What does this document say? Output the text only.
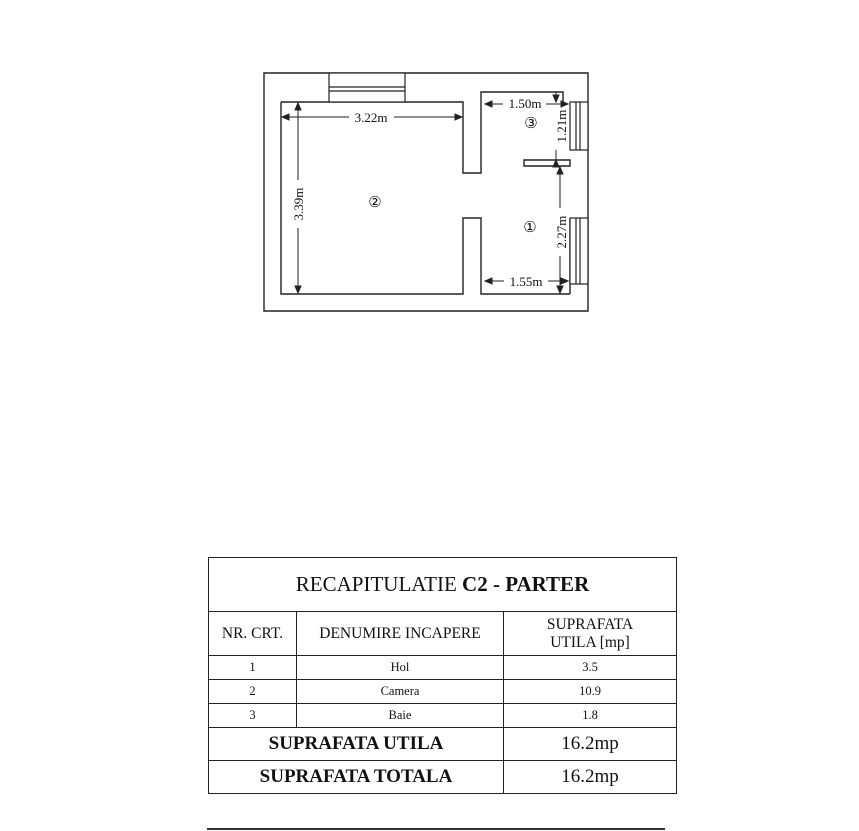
3.22m
3.39m
1.50m
1.21m
2.27m
1.55m
②
①
③
RECAPITULATIE C2 - PARTER		
NR. CRT.	DENUMIRE INCAPERE	SUPRAFATA
UTILA [mp]
1	Hol	3.5
2	Camera	10.9
3	Baie	1.8
SUPRAFATA UTILA		16.2mp
SUPRAFATA TOTALA		16.2mp
